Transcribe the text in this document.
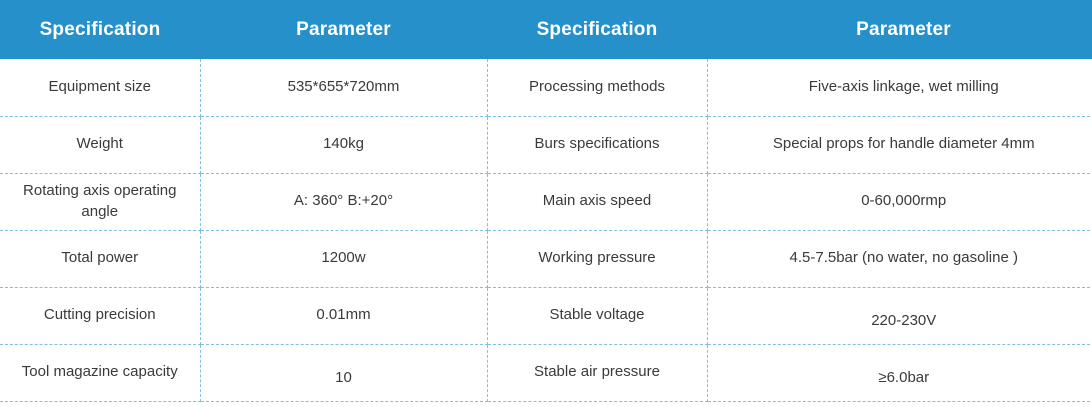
Specification	Parameter	Specification	Parameter
Equipment size	535*655*720mm	Processing methods	Five-axis linkage, wet milling
Weight	140kg	Burs specifications	Special props for handle diameter 4mm
Rotating axis operating angle	A: 360° B:+20°	Main axis speed	0-60,000rmp
Total power	1200w	Working pressure	4.5-7.5bar (no water, no gasoline )
Cutting precision	0.01mm	Stable voltage	220-230V
Tool magazine capacity	10	Stable air pressure	≥6.0bar
